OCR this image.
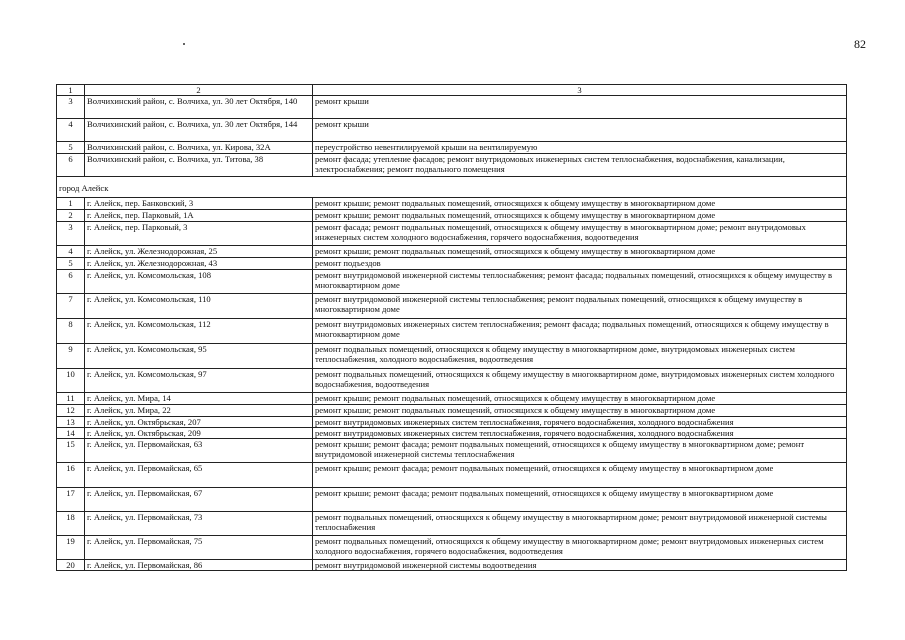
82
1	2	3
3	Волчихинский район, с. Волчиха, ул. 30 лет Октября, 140	ремонт крыши
4	Волчихинский район, с. Волчиха, ул. 30 лет Октября, 144	ремонт крыши
5	Волчихинский район, с. Волчиха, ул. Кирова, 32А	переустройство невентилируемой крыши на вентилируемую
6	Волчихинский район, с. Волчиха, ул. Титова, 38	ремонт фасада; утепление фасадов; ремонт внутридомовых инженерных систем теплоснабжения, водоснабжения, канализации, электроснабжения; ремонт подвального помещения
город Алейск		
1	г. Алейск, пер. Банковский, 3	ремонт крыши; ремонт подвальных помещений, относящихся к общему имуществу в многоквартирном доме
2	г. Алейск, пер. Парковый, 1А	ремонт крыши; ремонт подвальных помещений, относящихся к общему имуществу в многоквартирном доме
3	г. Алейск, пер. Парковый, 3	ремонт фасада; ремонт подвальных помещений, относящихся к общему имуществу в многоквартирном доме; ремонт внутридомовых инженерных систем холодного водоснабжения, горячего водоснабжения, водоотведения
4	г. Алейск, ул. Железнодорожная, 25	ремонт крыши; ремонт подвальных помещений, относящихся к общему имуществу в многоквартирном доме
5	г. Алейск, ул. Железнодорожная, 43	ремонт подъездов
6	г. Алейск, ул. Комсомольская, 108	ремонт внутридомовой инженерной системы теплоснабжения; ремонт фасада; подвальных помещений, относящихся к общему имуществу в многоквартирном доме
7	г. Алейск, ул. Комсомольская, 110	ремонт внутридомовой инженерной системы теплоснабжения; ремонт подвальных помещений, относящихся к общему имуществу в многоквартирном доме
8	г. Алейск, ул. Комсомольская, 112	ремонт внутридомовых инженерных систем теплоснабжения; ремонт фасада; подвальных помещений, относящихся к общему имуществу в многоквартирном доме
9	г. Алейск, ул. Комсомольская, 95	ремонт подвальных помещений, относящихся к общему имуществу в многоквартирном доме, внутридомовых инженерных систем теплоснабжения, холодного водоснабжения, водоотведения
10	г. Алейск, ул. Комсомольская, 97	ремонт подвальных помещений, относящихся к общему имуществу в многоквартирном доме, внутридомовых инженерных систем холодного водоснабжения, водоотведения
11	г. Алейск, ул. Мира, 14	ремонт крыши; ремонт подвальных помещений, относящихся к общему имуществу в многоквартирном доме
12	г. Алейск, ул. Мира, 22	ремонт крыши; ремонт подвальных помещений, относящихся к общему имуществу в многоквартирном доме
13	г. Алейск, ул. Октябрьская, 207	ремонт внутридомовых инженерных систем теплоснабжения, горячего водоснабжения, холодного водоснабжения
14	г. Алейск, ул. Октябрьская, 209	ремонт внутридомовых инженерных систем теплоснабжения, горячего водоснабжения, холодного водоснабжения
15	г. Алейск, ул. Первомайская, 63	ремонт крыши; ремонт фасада; ремонт подвальных помещений, относящихся к общему имуществу в многоквартирном доме; ремонт внутридомовой инженерной системы теплоснабжения
16	г. Алейск, ул. Первомайская, 65	ремонт крыши; ремонт фасада; ремонт подвальных помещений, относящихся к общему имуществу в многоквартирном доме
17	г. Алейск, ул. Первомайская, 67	ремонт крыши; ремонт фасада; ремонт подвальных помещений, относящихся к общему имуществу в многоквартирном доме
18	г. Алейск, ул. Первомайская, 73	ремонт подвальных помещений, относящихся к общему имуществу в многоквартирном доме; ремонт внутридомовой инженерной системы теплоснабжения
19	г. Алейск, ул. Первомайская, 75	ремонт подвальных помещений, относящихся к общему имуществу в многоквартирном доме; ремонт внутридомовых инженерных систем холодного водоснабжения, горячего водоснабжения, водоотведения
20	г. Алейск, ул. Первомайская, 86	ремонт внутридомовой инженерной системы водоотведения
